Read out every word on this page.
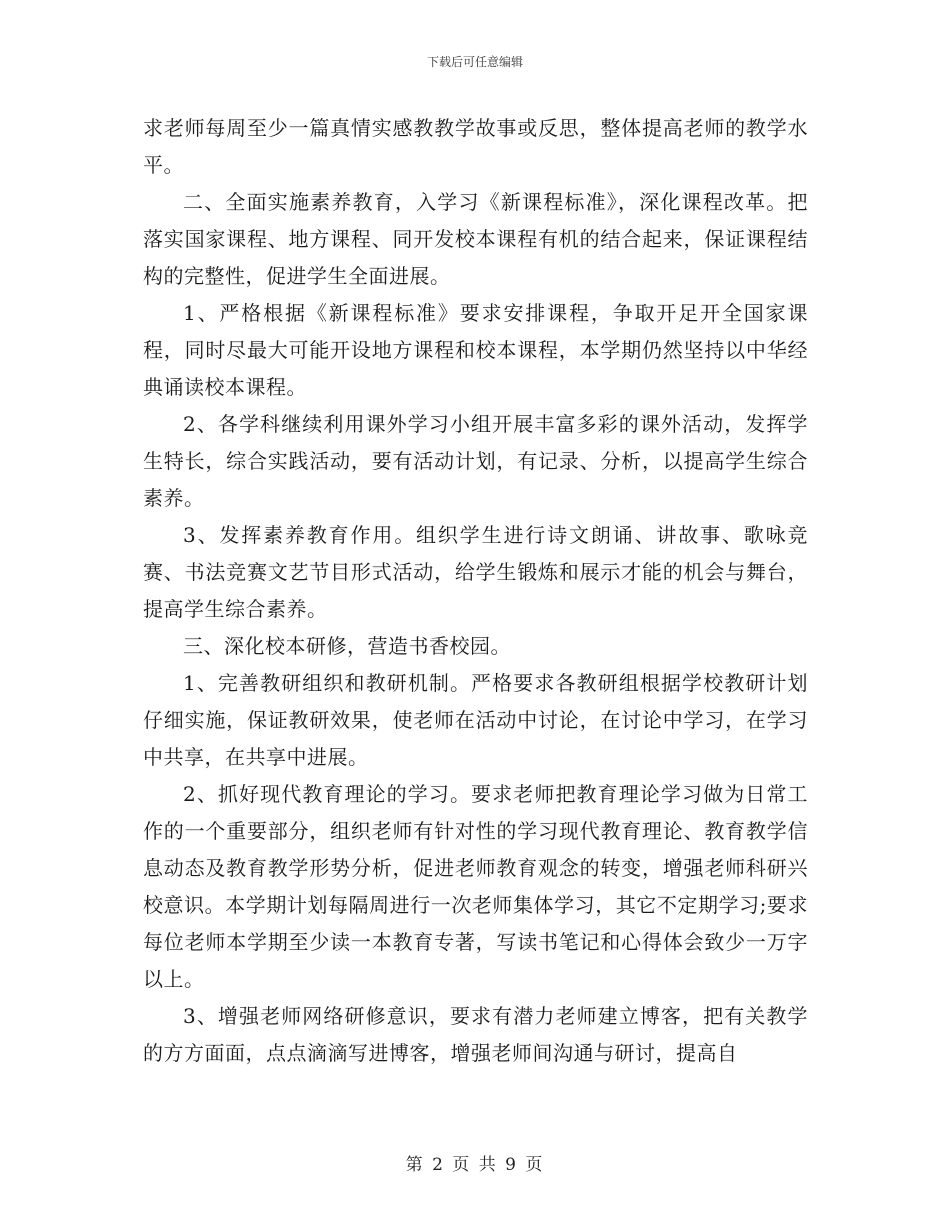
下载后可任意编辑

求老师每周至少一篇真情实感教教学故事或反思，整体提高老师的教学水平。

二、全面实施素养教育，入学习《新课程标准》，深化课程改革。把落实国家课程、地方课程、同开发校本课程有机的结合起来，保证课程结构的完整性，促进学生全面进展。

1、严格根据《新课程标准》要求安排课程，争取开足开全国家课程，同时尽最大可能开设地方课程和校本课程，本学期仍然坚持以中华经典诵读校本课程。

2、各学科继续利用课外学习小组开展丰富多彩的课外活动，发挥学生特长，综合实践活动，要有活动计划，有记录、分析，以提高学生综合素养。

3、发挥素养教育作用。组织学生进行诗文朗诵、讲故事、歌咏竞赛、书法竞赛文艺节目形式活动，给学生锻炼和展示才能的机会与舞台，提高学生综合素养。

三、深化校本研修，营造书香校园。

1、完善教研组织和教研机制。严格要求各教研组根据学校教研计划仔细实施，保证教研效果，使老师在活动中讨论，在讨论中学习，在学习中共享，在共享中进展。

2、抓好现代教育理论的学习。要求老师把教育理论学习做为日常工作的一个重要部分，组织老师有针对性的学习现代教育理论、教育教学信息动态及教育教学形势分析，促进老师教育观念的转变，增强老师科研兴校意识。本学期计划每隔周进行一次老师集体学习，其它不定期学习;要求每位老师本学期至少读一本教育专著，写读书笔记和心得体会致少一万字以上。

3、增强老师网络研修意识，要求有潜力老师建立博客，把有关教学的方方面面，点点滴滴写进博客，增强老师间沟通与研讨，提高自

第 2 页 共 9 页
